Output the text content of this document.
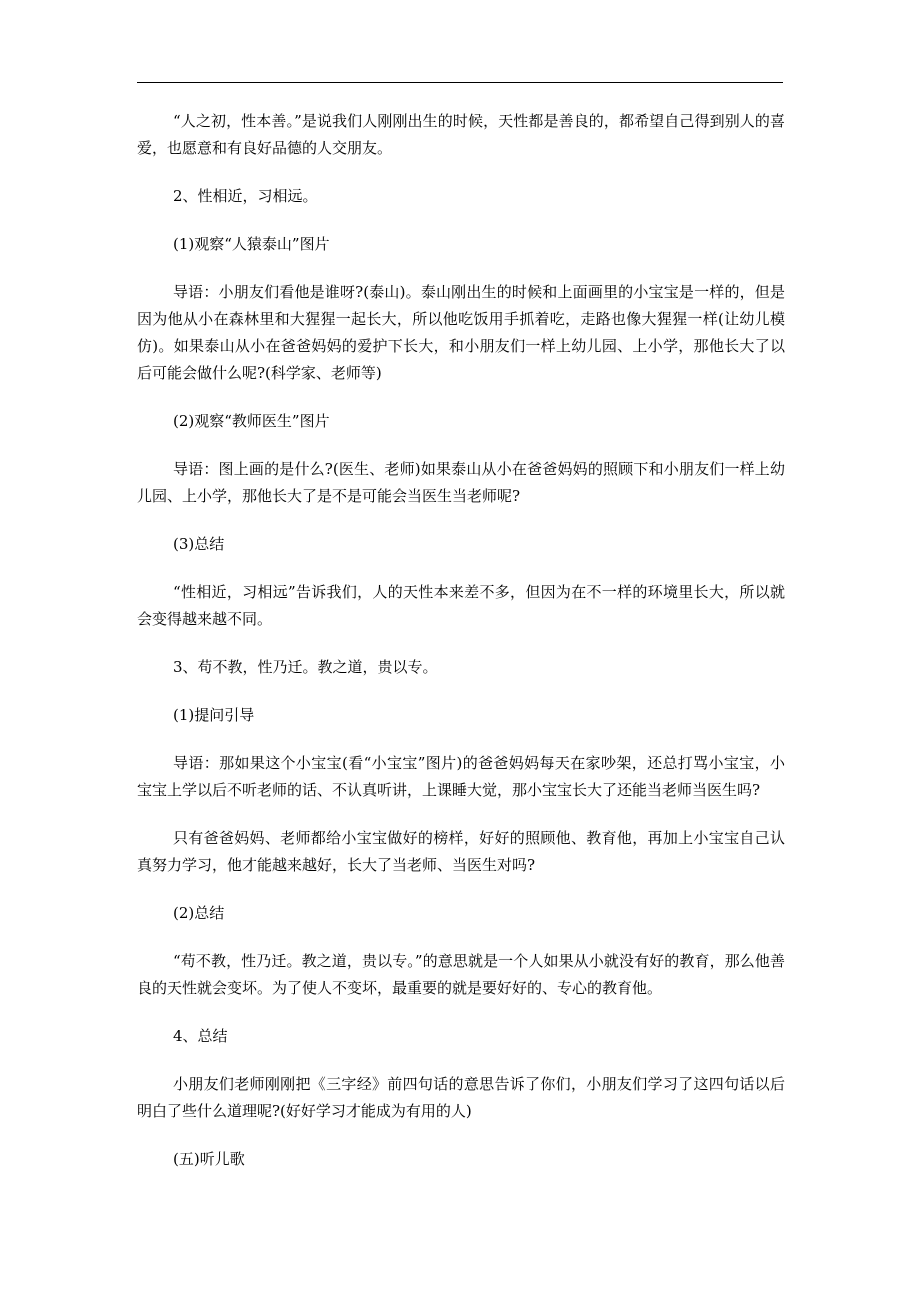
“人之初，性本善。”是说我们人刚刚出生的时候，天性都是善良的，都希望自己得到别人的喜爱，也愿意和有良好品德的人交朋友。

2、性相近，习相远。

(1)观察“人猿泰山”图片

导语：小朋友们看他是谁呀?(泰山)。泰山刚出生的时候和上面画里的小宝宝是一样的，但是因为他从小在森林里和大猩猩一起长大，所以他吃饭用手抓着吃，走路也像大猩猩一样(让幼儿模仿)。如果泰山从小在爸爸妈妈的爱护下长大，和小朋友们一样上幼儿园、上小学，那他长大了以后可能会做什么呢?(科学家、老师等)

(2)观察“教师医生”图片

导语：图上画的是什么?(医生、老师)如果泰山从小在爸爸妈妈的照顾下和小朋友们一样上幼儿园、上小学，那他长大了是不是可能会当医生当老师呢?

(3)总结

“性相近，习相远”告诉我们，人的天性本来差不多，但因为在不一样的环境里长大，所以就会变得越来越不同。

3、苟不教，性乃迁。教之道，贵以专。

(1)提问引导

导语：那如果这个小宝宝(看“小宝宝”图片)的爸爸妈妈每天在家吵架，还总打骂小宝宝，小宝宝上学以后不听老师的话、不认真听讲，上课睡大觉，那小宝宝长大了还能当老师当医生吗?

只有爸爸妈妈、老师都给小宝宝做好的榜样，好好的照顾他、教育他，再加上小宝宝自己认真努力学习，他才能越来越好，长大了当老师、当医生对吗?

(2)总结

“苟不教，性乃迁。教之道，贵以专。”的意思就是一个人如果从小就没有好的教育，那么他善良的天性就会变坏。为了使人不变坏，最重要的就是要好好的、专心的教育他。

4、总结

小朋友们老师刚刚把《三字经》前四句话的意思告诉了你们，小朋友们学习了这四句话以后明白了些什么道理呢?(好好学习才能成为有用的人)

(五)听儿歌
